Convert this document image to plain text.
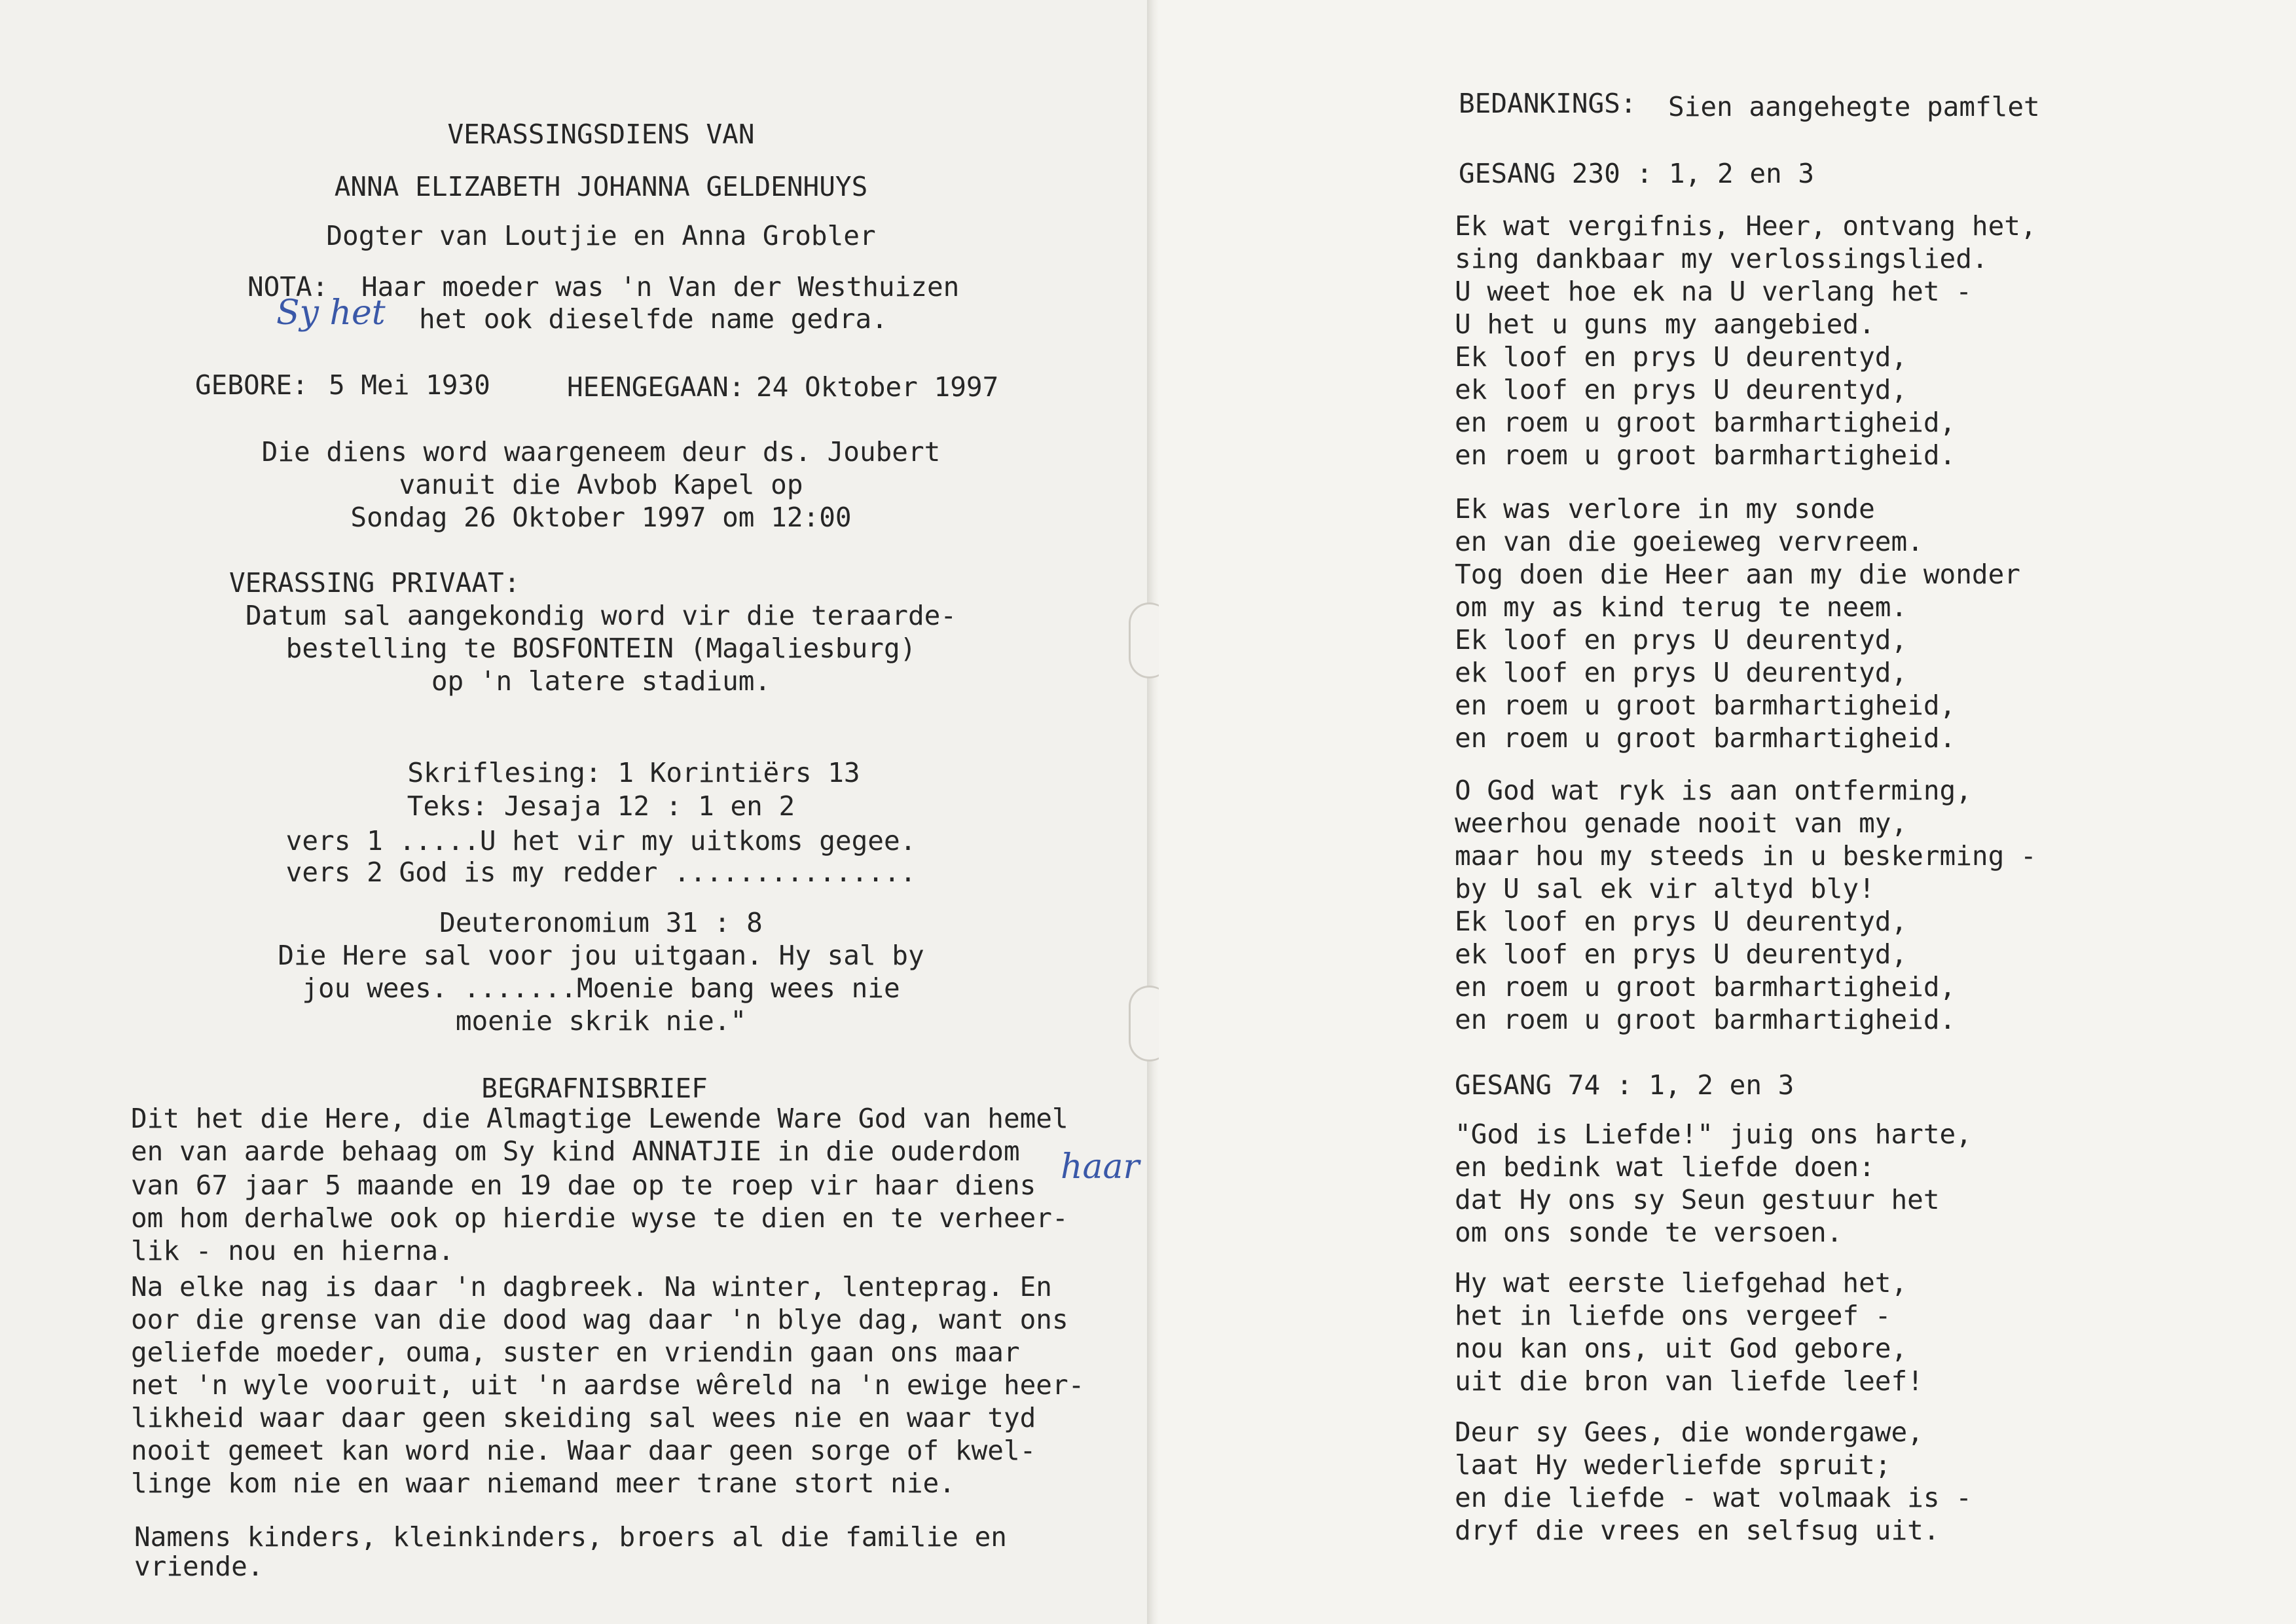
VERASSINGSDIENS VAN
ANNA ELIZABETH JOHANNA GELDENHUYS
Dogter van Loutjie en Anna Grobler
NOTA: Haar moeder was 'n Van der Westhuizen
Sy het het ook dieselfde name gedra.
GEBORE: 5 Mei 1930	HEENGEGAAN: 24 Oktober 1997
Die diens word waargeneem deur ds. Joubert
vanuit die Avbob Kapel op
Sondag 26 Oktober 1997 om 12:00
VERASSING PRIVAAT:
Datum sal aangekondig word vir die teraarde-
bestelling te BOSFONTEIN (Magaliesburg)
op 'n latere stadium.
Skriflesing: 1 Korintiërs 13
Teks: Jesaja 12 : 1 en 2
vers 1 .....U het vir my uitkoms gegee.
vers 2 God is my redder ...............
Deuteronomium 31 : 8
Die Here sal voor jou uitgaan. Hy sal by
jou wees. .......Moenie bang wees nie
moenie skrik nie."
BEGRAFNISBRIEF
Dit het die Here, die Almagtige Lewende Ware God van hemel
en van aarde behaag om Sy kind ANNATJIE in die ouderdom
van 67 jaar 5 maande en 19 dae op te roep vir haar diens haar
om hom derhalwe ook op hierdie wyse te dien en te verheer-
lik - nou en hierna.
Na elke nag is daar 'n dagbreek. Na winter, lenteprag. En
oor die grense van die dood wag daar 'n blye dag, want ons
geliefde moeder, ouma, suster en vriendin gaan ons maar
net 'n wyle vooruit, uit 'n aardse wêreld na 'n ewige heer-
likheid waar daar geen skeiding sal wees nie en waar tyd
nooit gemeet kan word nie. Waar daar geen sorge of kwel-
linge kom nie en waar niemand meer trane stort nie.
Namens kinders, kleinkinders, broers al die familie en
vriende.
BEDANKINGS: Sien aangehegte pamflet
GESANG 230 : 1, 2 en 3
Ek wat vergifnis, Heer, ontvang het,
sing dankbaar my verlossingslied.
U weet hoe ek na U verlang het -
U het u guns my aangebied.
Ek loof en prys U deurentyd,
ek loof en prys U deurentyd,
en roem u groot barmhartigheid,
en roem u groot barmhartigheid.
Ek was verlore in my sonde
en van die goeieweg vervreem.
Tog doen die Heer aan my die wonder
om my as kind terug te neem.
Ek loof en prys U deurentyd,
ek loof en prys U deurentyd,
en roem u groot barmhartigheid,
en roem u groot barmhartigheid.
O God wat ryk is aan ontferming,
weerhou genade nooit van my,
maar hou my steeds in u beskerming -
by U sal ek vir altyd bly!
Ek loof en prys U deurentyd,
ek loof en prys U deurentyd,
en roem u groot barmhartigheid,
en roem u groot barmhartigheid.
GESANG 74 : 1, 2 en 3
"God is Liefde!" juig ons harte,
en bedink wat liefde doen:
dat Hy ons sy Seun gestuur het
om ons sonde te versoen.
Hy wat eerste liefgehad het,
het in liefde ons vergeef -
nou kan ons, uit God gebore,
uit die bron van liefde leef!
Deur sy Gees, die wondergawe,
laat Hy wederliefde spruit;
en die liefde - wat volmaak is -
dryf die vrees en selfsug uit.
